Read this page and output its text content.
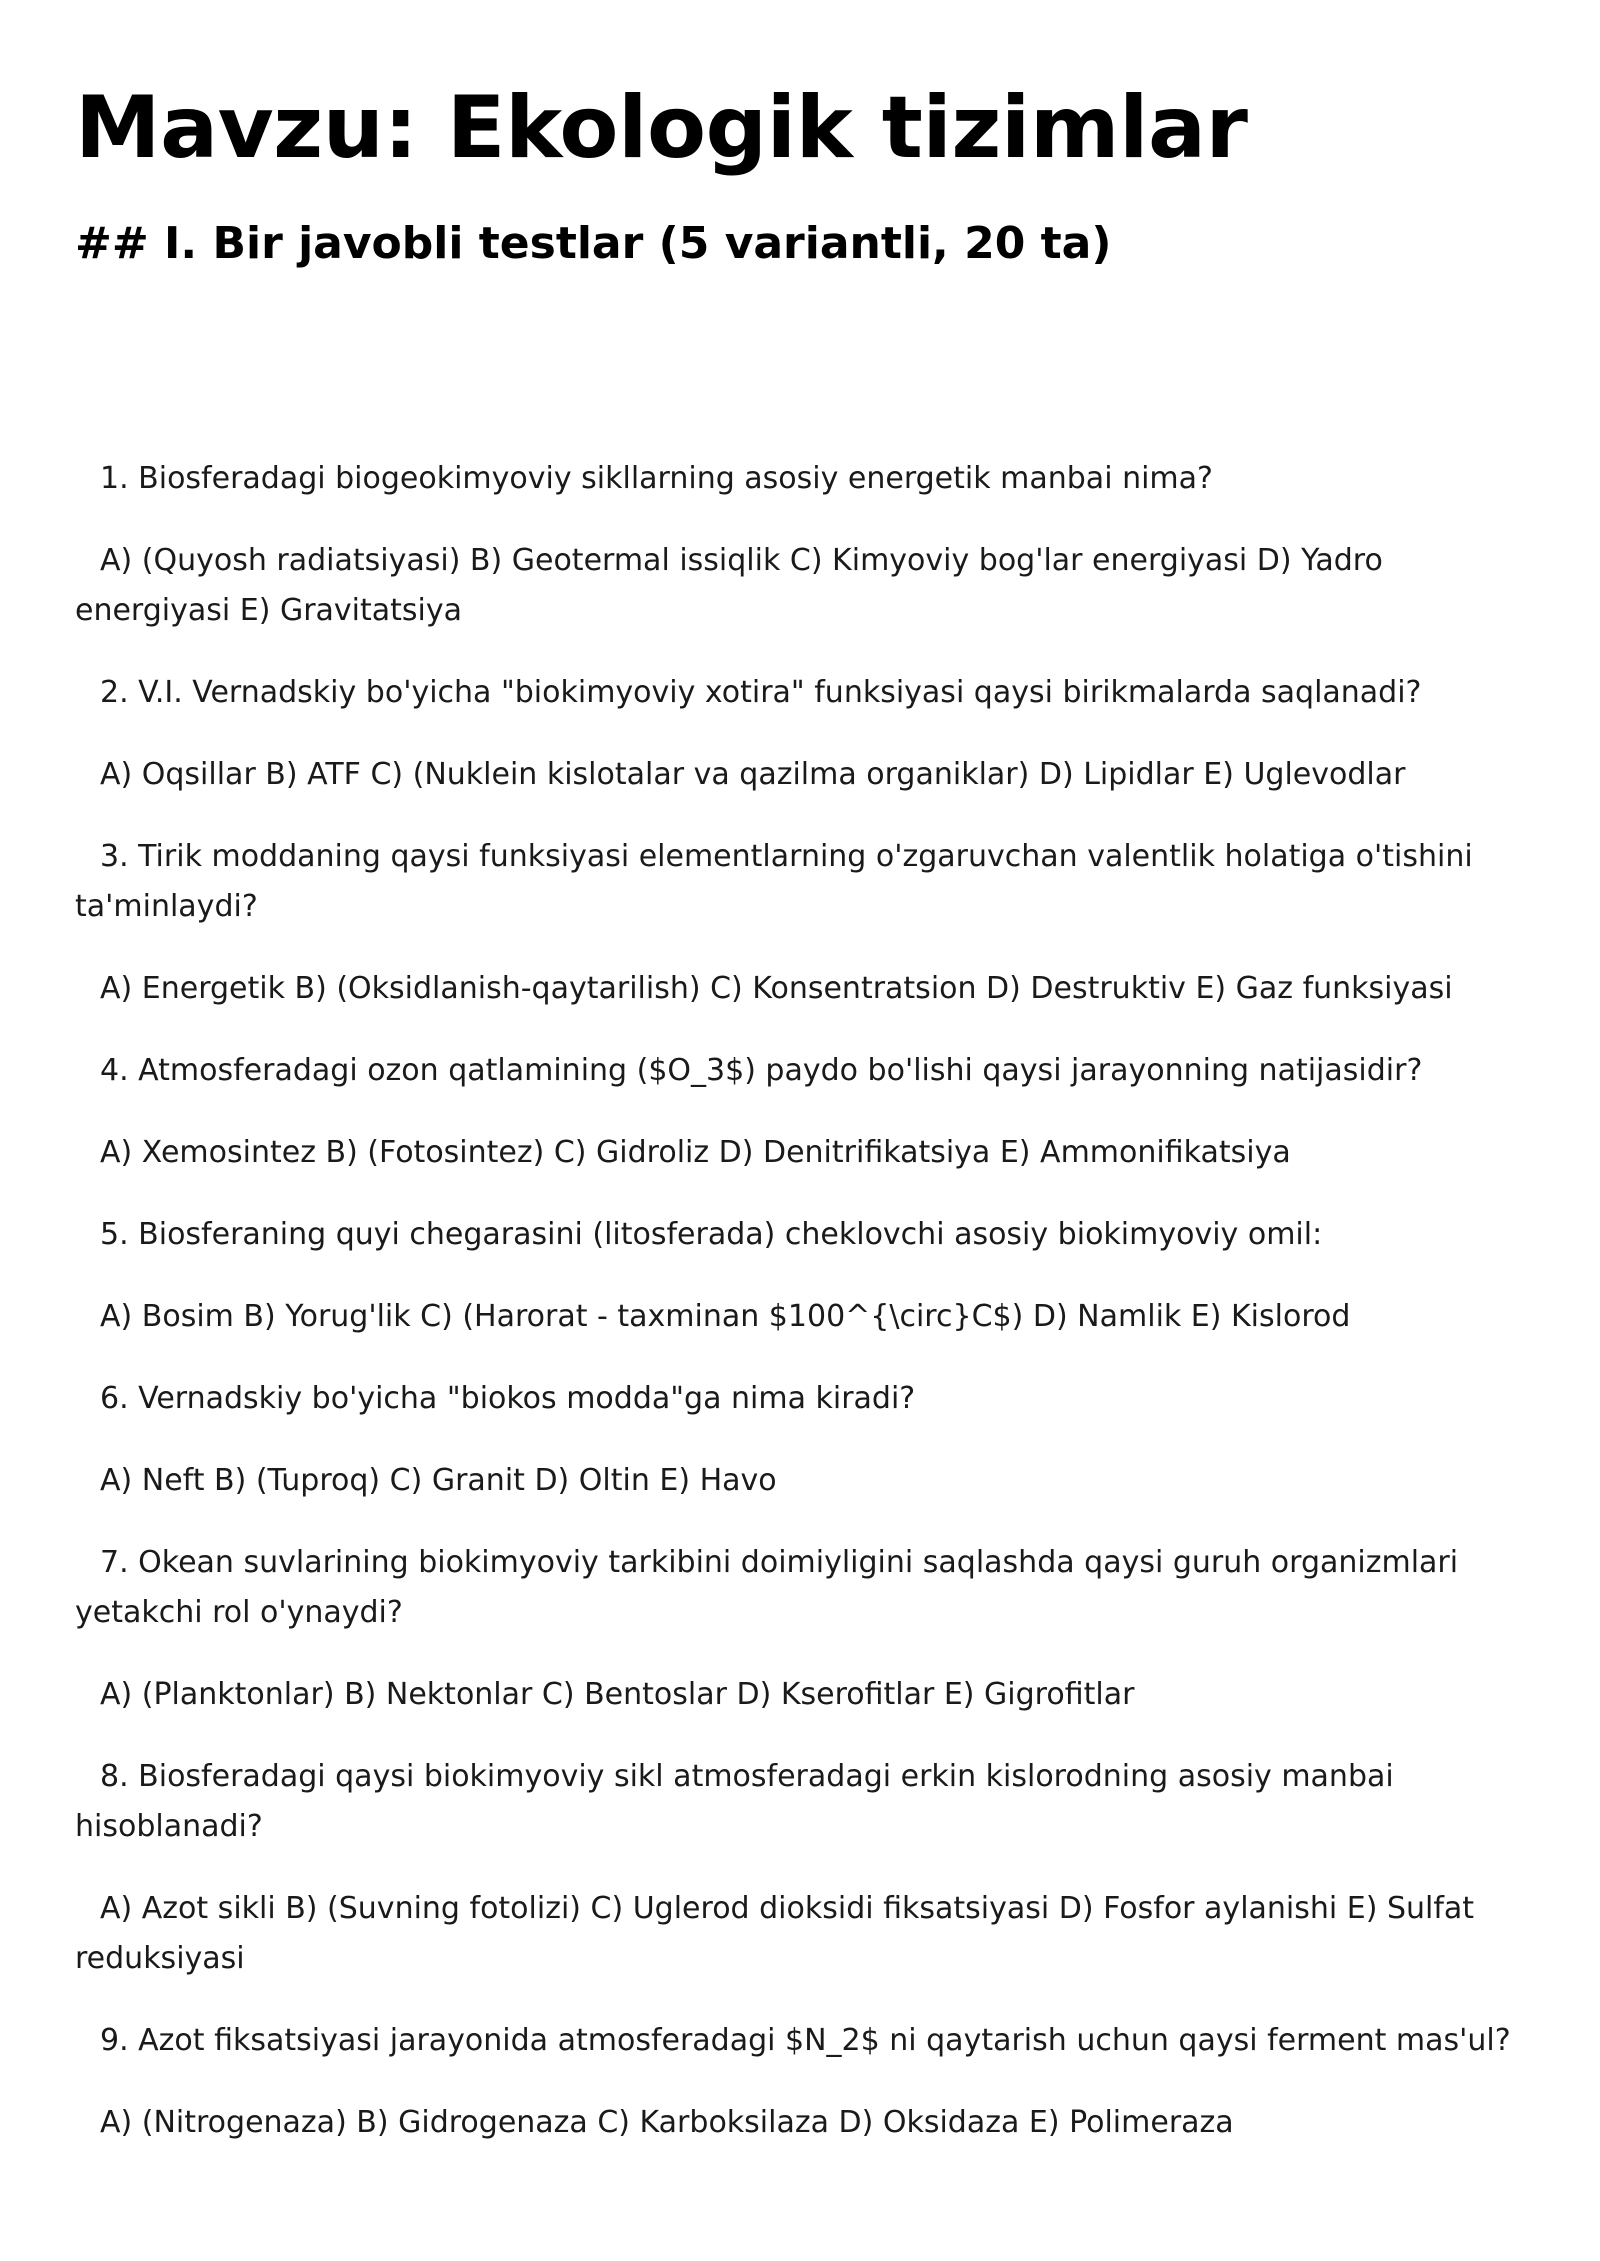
Mavzu: Ekologik tizimlar
## I. Bir javobli testlar (5 variantli, 20 ta)

1. Biosferadagi biogeokimyoviy sikllarning asosiy energetik manbai nima?

A) (Quyosh radiatsiyasi) B) Geotermal issiqlik C) Kimyoviy bog'lar energiyasi D) Yadro energiyasi E) Gravitatsiya

2. V.I. Vernadskiy bo'yicha "biokimyoviy xotira" funksiyasi qaysi birikmalarda saqlanadi?

A) Oqsillar B) ATF C) (Nuklein kislotalar va qazilma organiklar) D) Lipidlar E) Uglevodlar

3. Tirik moddaning qaysi funksiyasi elementlarning o'zgaruvchan valentlik holatiga o'tishini ta'minlaydi?

A) Energetik B) (Oksidlanish-qaytarilish) C) Konsentratsion D) Destruktiv E) Gaz funksiyasi

4. Atmosferadagi ozon qatlamining ($O_3$) paydo bo'lishi qaysi jarayonning natijasidir?

A) Xemosintez B) (Fotosintez) C) Gidroliz D) Denitrifikatsiya E) Ammonifikatsiya

5. Biosferaning quyi chegarasini (litosferada) cheklovchi asosiy biokimyoviy omil:

A) Bosim B) Yorug'lik C) (Harorat - taxminan $100^{\circ}C$) D) Namlik E) Kislorod

6. Vernadskiy bo'yicha "biokos modda"ga nima kiradi?

A) Neft B) (Tuproq) C) Granit D) Oltin E) Havo

7. Okean suvlarining biokimyoviy tarkibini doimiyligini saqlashda qaysi guruh organizmlari yetakchi rol o'ynaydi?

A) (Planktonlar) B) Nektonlar C) Bentoslar D) Kserofitlar E) Gigrofitlar

8. Biosferadagi qaysi biokimyoviy sikl atmosferadagi erkin kislorodning asosiy manbai hisoblanadi?

A) Azot sikli B) (Suvning fotolizi) C) Uglerod dioksidi fiksatsiyasi D) Fosfor aylanishi E) Sulfat reduksiyasi

9. Azot fiksatsiyasi jarayonida atmosferadagi $N_2$ ni qaytarish uchun qaysi ferment mas'ul?

A) (Nitrogenaza) B) Gidrogenaza C) Karboksilaza D) Oksidaza E) Polimeraza
